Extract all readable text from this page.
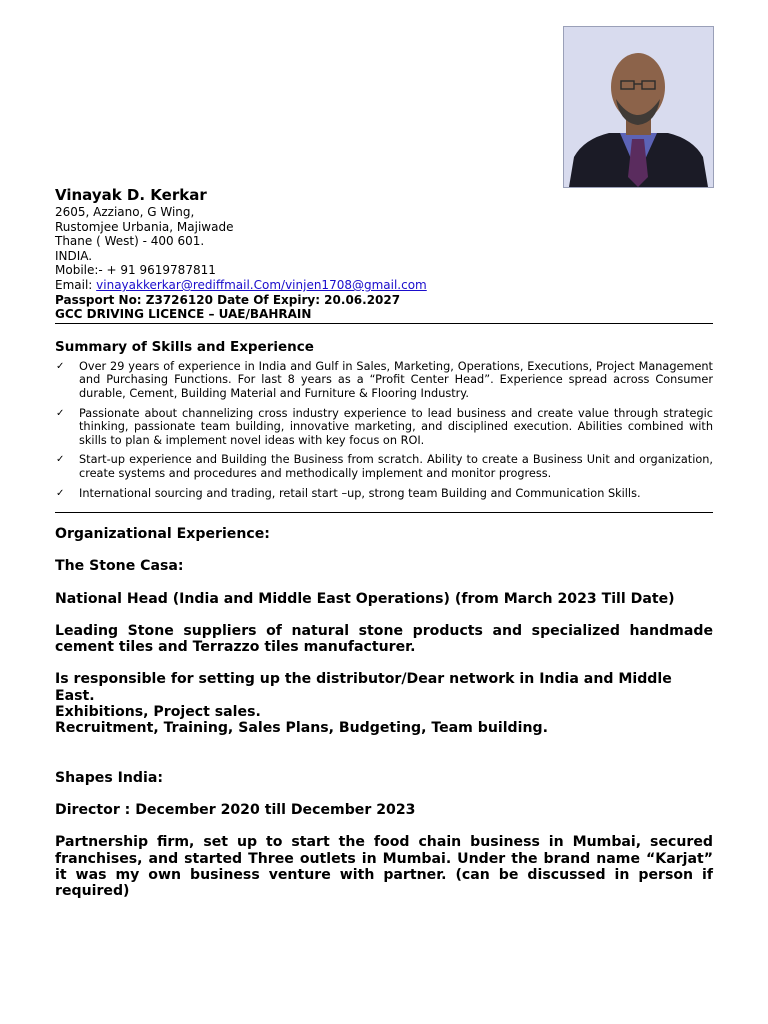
Vinayak D. Kerkar
2605, Azziano, G Wing,
Rustomjee Urbania, Majiwade
Thane ( West) - 400 601.
INDIA.
Mobile:- + 91 9619787811
Email: vinayakkerkar@rediffmail.Com/vinjen1708@gmail.com
Passport No: Z3726120 Date Of Expiry: 20.06.2027
GCC DRIVING LICENCE – UAE/BAHRAIN
Summary of Skills and Experience
✓ Over 29 years of experience in India and Gulf in Sales, Marketing, Operations, Executions, Project Management and Purchasing Functions. For last 8 years as a “Profit Center Head”. Experience spread across Consumer durable, Cement, Building Material and Furniture & Flooring Industry.
✓ Passionate about channelizing cross industry experience to lead business and create value through strategic thinking, passionate team building, innovative marketing, and disciplined execution. Abilities combined with skills to plan & implement novel ideas with key focus on ROI.
✓ Start-up experience and Building the Business from scratch. Ability to create a Business Unit and organization, create systems and procedures and methodically implement and monitor progress.
✓ International sourcing and trading, retail start –up, strong team Building and Communication Skills.

Organizational Experience:

The Stone Casa:

National Head (India and Middle East Operations) (from March 2023 Till Date)

Leading Stone suppliers of natural stone products and specialized handmade cement tiles and Terrazzo tiles manufacturer.

Is responsible for setting up the distributor/Dear network in India and Middle East.

Exhibitions, Project sales.

Recruitment, Training, Sales Plans, Budgeting, Team building.

Shapes India:

Director : December 2020 till December 2023

Partnership firm, set up to start the food chain business in Mumbai, secured franchises, and started Three outlets in Mumbai. Under the brand name “Karjat” it was my own business venture with partner. (can be discussed in person if required)
